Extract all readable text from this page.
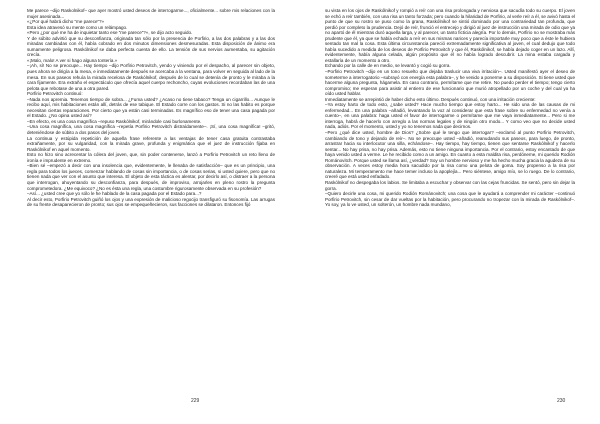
Me parece –dijo Raskolnikof– que ayer mostró usted deseos de interrogarme..., oficialmente... sobre mis relaciones con la mujer asesinada...

«¿Por qué habrá dicho “me parece”?»

Esta idea atravesó su mente como un relámpago.

«Pero ¿por qué me ha de inquietar tanto ese “me parece”?», se dijo acto seguido.

Y de súbito advirtió que su desconfianza, originada tan sólo por la presencia de Porfirio, a las dos palabras y a las dos miradas cambiadas con él, había cobrado en dos minutos dimensiones desmesuradas. Esta disposición de ánimo era sumamente peligrosa. Raskólnikof se daba perfecta cuenta de ello. La tensión de sus nervios aumentaba, su agitación crecía.

«¡Malo, malo! A ver si hago alguna tontería.»

–¡Ah, sí! No se preocupe... Hay tiempo –dijo Porfirio Petrovitch, yendo y viniendo por el despacho, al parecer sin objeto, pues ahora se dirigía a la mesa, e inmediatamente después se acercaba a la ventana, para volver en seguida al lado de la mesa. En sus paseos rehuía la mirada recelosa de Raskólnikof, después de lo cual se detenía de pronto y le miraba a la cara fijamente. Era extraño el espectáculo que ofrecía aquel cuerpo rechoncho, cuyas evoluciones recordaban las de una pelota que rebotase de una a otra pared.

Porfirio Petrovitch continuó:

–Nada nos apremia. Tenemos tiempo de sobra... ¿Fuma usted? ¿Acaso no tiene tabaco? Tenga un cigarrillo... Aunque le recibo aquí, mis habitaciones están allí, detrás de ese tabique. El Estado corre con los gastos. Si no las habito es porque necesitan ciertas reparaciones. Por cierto que ya están casi terminadas. Es magnífico eso de tener una casa pagada por el Estado. ¿No opina usted así?

–En efecto, es una cosa magnífica –repuso Raskólnikof, mirándole casi burlonamente.

–Una cosa magnífica, una cosa magnífica –repetía Porfirio Petrovitch distraídamente–. ¡Sí, una cosa magnífica! –gritó, deteniéndose de súbito a dos pasos del joven.

La continua y estúpida repetición de aquella frase referente a las ventajas de tener casa gratuita contrastaba extrañamente, por su vulgaridad, con la mirada grave, profunda y enigmática que el juez de instrucción fijaba en Raskólnikof en aquel momento.

Esto no hizo sino acrecentar la cólera del joven, que, sin poder contenerse, lanzó a Porfirio Petrovitch un reto lleno de ironía e imprudente en extremo.

–Bien sé –empezó a decir con una insolencia que, evidentemente, le llenaba de satisfacción– que es un principio, una regla para todos los jueces, comenzar hablando de cosas sin importancia, o de cosas serias, si usted quiere, pero que no tienen nada que ver con el asunto que interesa. El objeto de esta táctica es alentar, por decirlo así, o distraer a la persona que interrogan, ahuyentando su desconfianza, para después, de improviso, arrojarles en pleno rostro la pregunta comprometedora. ¿Me equivoco? ¿No es ésta una regla, una costumbre rigurosamente observada en su profesión?

–Así... ¿usted cree que yo sólo le he hablado de la casa pagada por el Estado para...?

Al decir esto, Porfirio Petrovitch guiñó los ojos y una expresión de malicioso regocijo transfiguró su fisonomía. Las arrugas de su frente desaparecieron de pronto; sus ojos se empequeñecieron, sus facciones se dilataron. Entonces fijó

229

su vista en los ojos de Raskólnikof y rompió a reír con una risa prolongada y nerviosa que sacudía todo su cuerpo. El joven se echó a reír también, con una risa un tanto forzada; pero cuando la hilaridad de Porfirio, al verle reír a él, se avivó hasta el punto de que su rostro se puso como la grana, Raskólnikof se sintió dominado por una contrariedad tan profunda, que perdió por completo la prudencia. Dejó de reír, frunció el entrecejo y dirigió al juez de instrucción una mirada de odio que ya no apartó de él mientras duró aquella larga, y al parecer, un tanto ficticia alegría. Por lo demás, Porfirio no se mostraba más prudente que él, ya que se había echado a reír en sus mismas narices y parecía importarle muy poco que a éste le hubiera sentado tan mal la cosa. Esta última circunstancia pareció extremadamente significativa al joven, el cual dedujo que todo había sucedido a medida de los deseos de Porfirio Petrovitch y que él, Raskólnikof, se había dejado coger en un lazo. Allí, evidentemente, había alguna celada, algún propósito que él no había logrado descubrir. La mina estaba cargada y estallaría de un momento a otro.

Echando por la calle de en medio, se levantó y cogió su gorra.

–Porfirio Petrovitch –dijo en un tono resuelto que dejaba traslucir una viva irritación–. Usted manifestó ayer el deseo de someterme a interrogatorio –subrayó con energía esta palabra–, y he venido a ponerme a su disposición. Si tiene usted que hacerme alguna pregunta, hágamela. En caso contrario, permítame que me retire. No puedo perder el tiempo; tengo cierto compromiso; me esperan para asistir al entierro de ese funcionario que murió atropellado por un coche y del cual ya ha oído usted hablar.

Inmediatamente se arrepintió de haber dicho esto último. Después continuó, con una irritación creciente:

–Ya estoy harto de todo esto, ¿sabe usted? Hace mucho tiempo que estoy harto... He sido una de las causas de mi enfermedad... En una palabra –añadió, levantando la voz al considerar que esta frase sobre su enfermedad no venía a cuento–, en una palabra: haga usted el favor de interrogarme o permítame que me vaya inmediatamente... Pero si me interroga, habrá de hacerlo con arreglo a las normas legales y de ningún otro modo... Y como veo que no decide usted nada, adiós. Por el momento, usted y yo no tenemos nada que decirnos.

–Pero ¿qué dice usted, hombre de Dios? ¿Sobre qué le tengo que interrogar? –exclamó al punto Porfirio Petrovitch, cambiando de tono y dejando de reír–. No se preocupe usted –añadió, reanudando sus paseos, para luego, de pronto, arrastrar hacia su interlocutor una silla, echándose–. Hay tiempo, hay tiempo, tienen que sentarse Raskólnikof y hacerlo sentar... No hay prisa, no hay prisa. Además, esto no tiene ninguna importancia. Por el contrario, estoy encantado de que haya venido usted a verme. Le he recibido como a un amigo. En cuanto a esta maldita risa, perdóneme, mi querido Rodión Románovitch. Porque usted se llama así, ¿verdad? Soy un hombre nervioso y me ha hecho mucha gracia la agudeza de su observación. A veces estoy media hora sacudido por la risa como una pelota de goma. Soy propenso a la risa por naturaleza. Mi temperamento me hace temer incluso la apoplejía... Pero siéntese, amigo mío, se lo ruego. De lo contrario, creeré que está usted enfadado.

Raskólnikof no despegaba los labios. Se limitaba a escuchar y observar con las cejas fruncidas. Se sentó, pero sin dejar la gorra.

–Quiero decirle una cosa, mi querido Rodión Románovitch; una cosa que le ayudará a comprender mi carácter –continuó Porfirio Petrovitch, sin cesar de dar vueltas por la habitación, pero procurando no tropezar con la mirada de Raskólnikof–. Yo soy, ya lo ve usted, un solterón, un hombre nada mundano,

230
